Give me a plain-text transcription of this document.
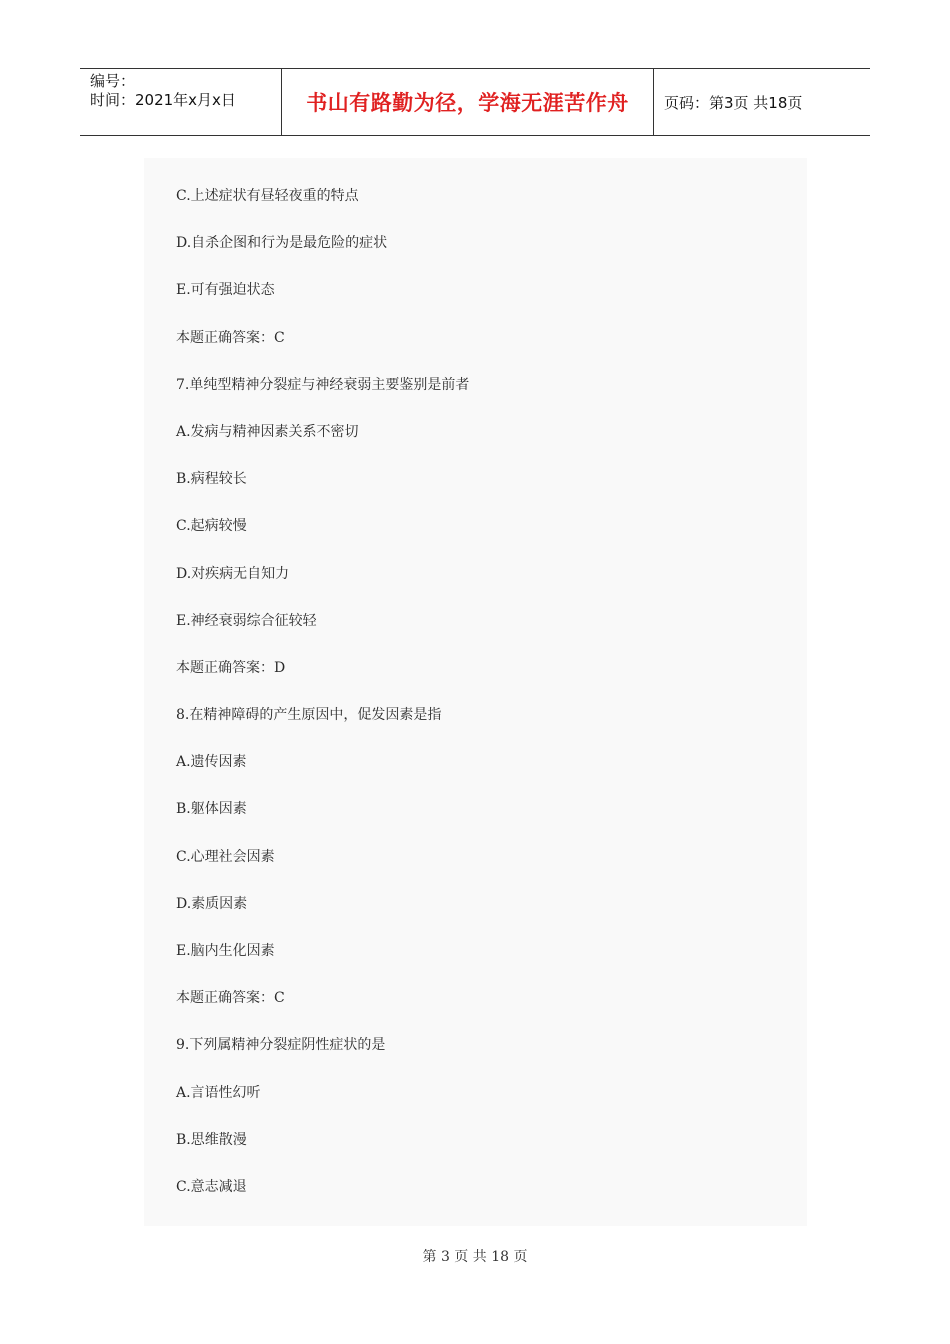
编号：
时间：2021年x月x日	书山有路勤为径，学海无涯苦作舟	页码：第3页 共18页
C.上述症状有昼轻夜重的特点
D.自杀企图和行为是最危险的症状
E.可有强迫状态
本题正确答案：C
7.单纯型精神分裂症与神经衰弱主要鉴别是前者
A.发病与精神因素关系不密切
B.病程较长
C.起病较慢
D.对疾病无自知力
E.神经衰弱综合征较轻
本题正确答案：D
8.在精神障碍的产生原因中，促发因素是指
A.遗传因素
B.躯体因素
C.心理社会因素
D.素质因素
E.脑内生化因素
本题正确答案：C
9.下列属精神分裂症阴性症状的是
A.言语性幻听
B.思维散漫
C.意志减退
第 3 页 共 18 页
